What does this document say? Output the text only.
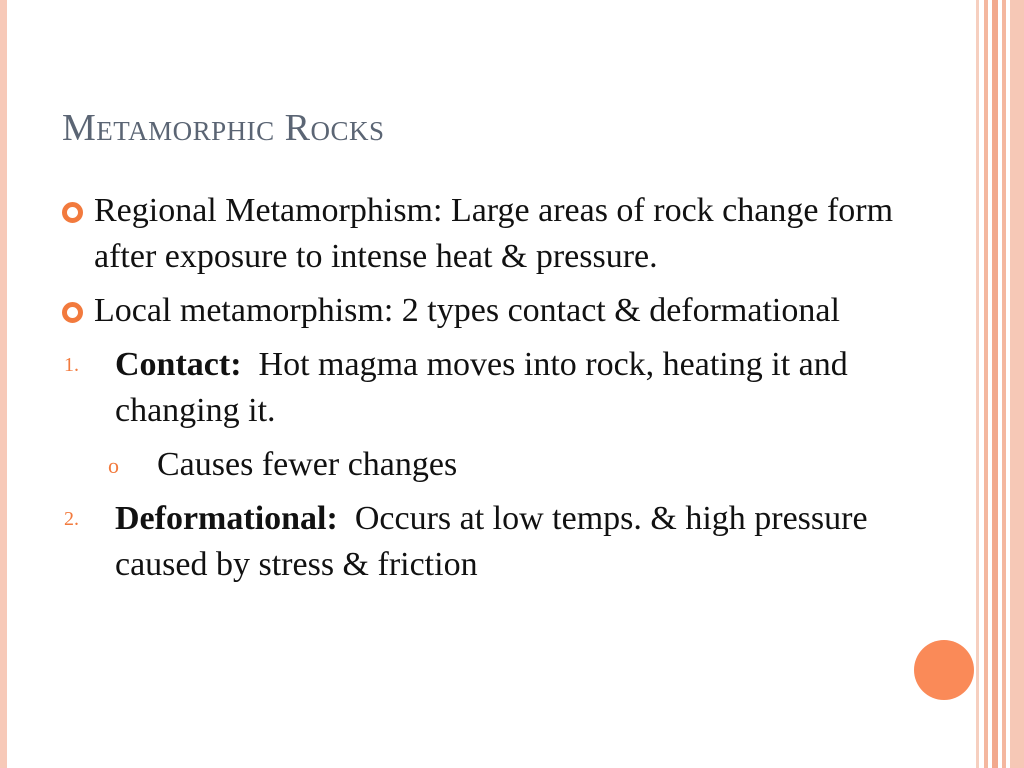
Metamorphic Rocks
Regional Metamorphism: Large areas of rock change form after exposure to intense heat & pressure.
Local metamorphism: 2 types contact & deformational
1. Contact:  Hot magma moves into rock, heating it and changing it.
o Causes fewer changes
2. Deformational:  Occurs at low temps. & high pressure caused by stress & friction
